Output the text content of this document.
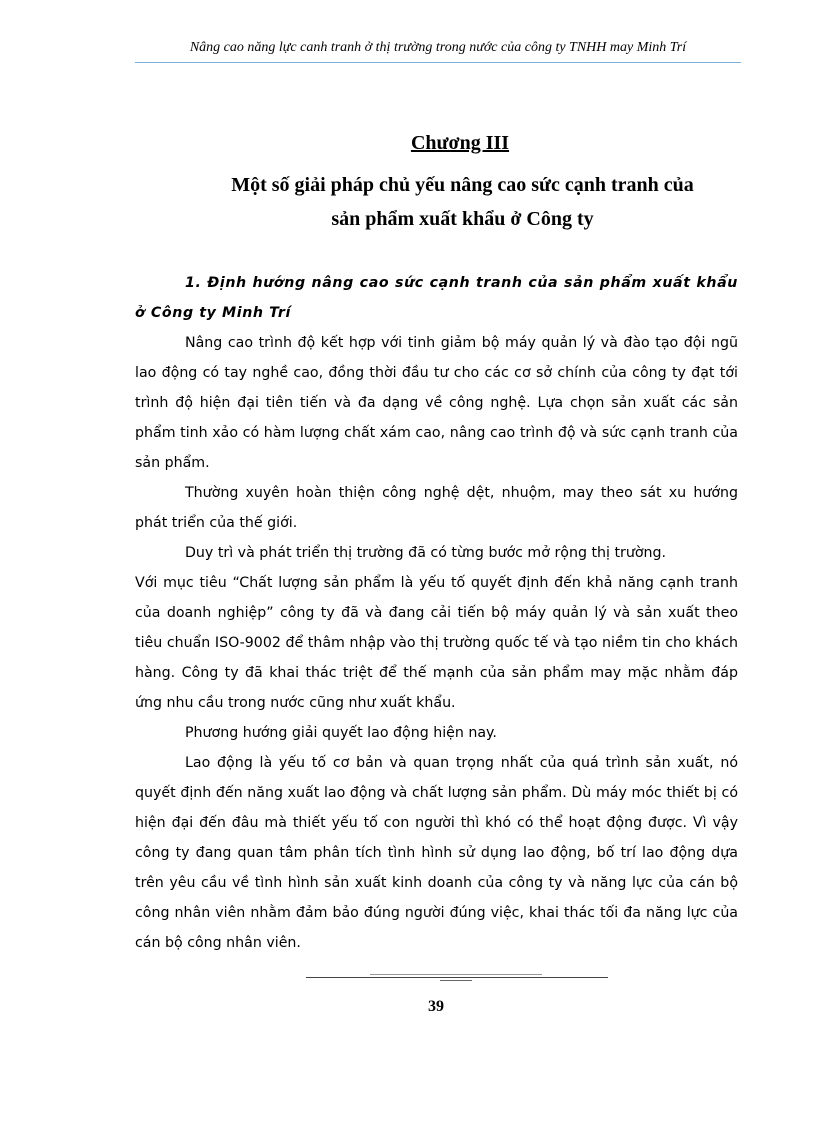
Nâng cao năng lực canh tranh ở thị trường trong nước của công ty TNHH may Minh Trí
Chương III
Một số giải pháp chủ yếu nâng cao sức cạnh tranh của
sản phẩm xuất khẩu ở Công ty

1. Định hướng nâng cao sức cạnh tranh của sản phẩm xuất khẩu ở Công ty Minh Trí

Nâng cao trình độ kết hợp với tinh giảm bộ máy quản lý và đào tạo đội ngũ lao động có tay nghề cao, đồng thời đầu tư cho các cơ sở chính của công ty đạt tới trình độ hiện đại tiên tiến và đa dạng về công nghệ. Lựa chọn sản xuất các sản phẩm tinh xảo có hàm lượng chất xám cao, nâng cao trình độ và sức cạnh tranh của sản phẩm.

Thường xuyên hoàn thiện công nghệ dệt, nhuộm, may theo sát xu hướng phát triển của thế giới.

Duy trì và phát triển thị trường đã có từng bước mở rộng thị trường.

Với mục tiêu “Chất lượng sản phẩm là yếu tố quyết định đến khả năng cạnh tranh của doanh nghiệp” công ty đã và đang cải tiến bộ máy quản lý và sản xuất theo tiêu chuẩn ISO-9002 để thâm nhập vào thị trường quốc tế và tạo niềm tin cho khách hàng. Công ty đã khai thác triệt để thế mạnh của sản phẩm may mặc nhằm đáp ứng nhu cầu trong nước cũng như xuất khẩu.

Phương hướng giải quyết lao động hiện nay.

Lao động là yếu tố cơ bản và quan trọng nhất của quá trình sản xuất, nó quyết định đến năng xuất lao động và chất lượng sản phẩm. Dù máy móc thiết bị có hiện đại đến đâu mà thiết yếu tố con người thì khó có thể hoạt động được. Vì vậy công ty đang quan tâm phân tích tình hình sử dụng lao động, bố trí lao động dựa trên yêu cầu về tình hình sản xuất kinh doanh của công ty và năng lực của cán bộ công nhân viên nhằm đảm bảo đúng người đúng việc, khai thác tối đa năng lực của cán bộ công nhân viên.

39
